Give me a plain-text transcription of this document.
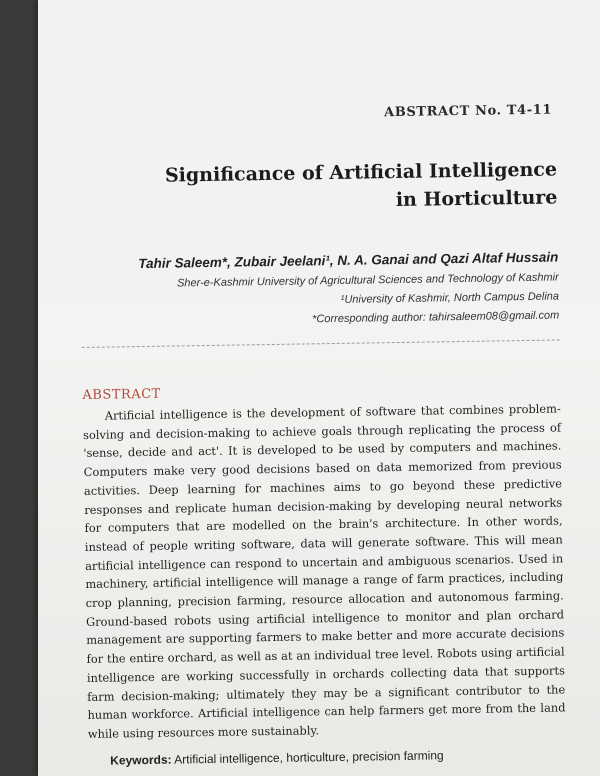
ABSTRACT No. T4-11
Significance of Artificial Intelligence
in Horticulture
Tahir Saleem*, Zubair Jeelani¹, N. A. Ganai and Qazi Altaf Hussain
Sher-e-Kashmir University of Agricultural Sciences and Technology of Kashmir
¹University of Kashmir, North Campus Delina
*Corresponding author: tahirsaleem08@gmail.com
ABSTRACT
Artificial intelligence is the development of software that combines problem-solving and decision-making to achieve goals through replicating the process of 'sense, decide and act'. It is developed to be used by computers and machines. Computers make very good decisions based on data memorized from previous activities. Deep learning for machines aims to go beyond these predictive responses and replicate human decision-making by developing neural networks for computers that are modelled on the brain's architecture. In other words, instead of people writing software, data will generate software. This will mean artificial intelligence can respond to uncertain and ambiguous scenarios. Used in machinery, artificial intelligence will manage a range of farm practices, including crop planning, precision farming, resource allocation and autonomous farming. Ground-based robots using artificial intelligence to monitor and plan orchard management are supporting farmers to make better and more accurate decisions for the entire orchard, as well as at an individual tree level. Robots using artificial intelligence are working successfully in orchards collecting data that supports farm decision-making; ultimately they may be a significant contributor to the human workforce. Artificial intelligence can help farmers get more from the land while using resources more sustainably.
Keywords: Artificial intelligence, horticulture, precision farming
